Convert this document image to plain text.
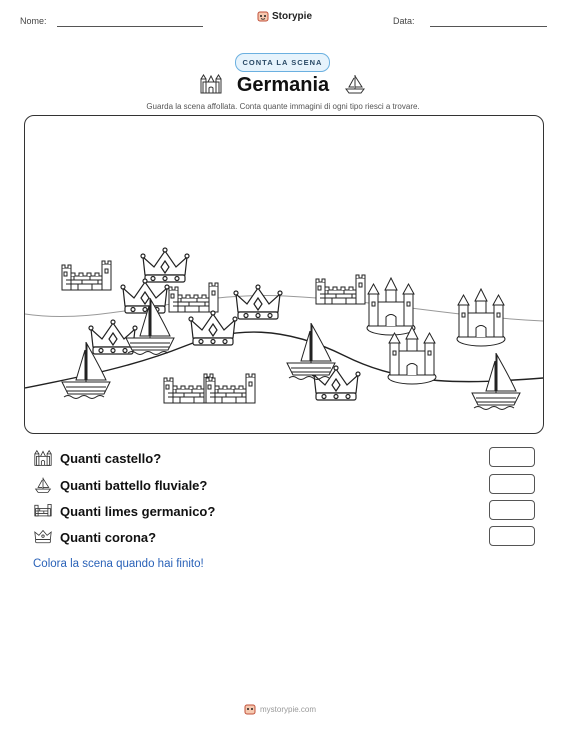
Nome:	Storypie	Data:
CONTA LA SCENA
Germania
Guarda la scena affollata. Conta quante immagini di ogni tipo riesci a trovare.
Quanti castello?
Quanti battello fluviale?
Quanti limes germanico?
Quanti corona?
Colora la scena quando hai finito!
mystorypie.com
